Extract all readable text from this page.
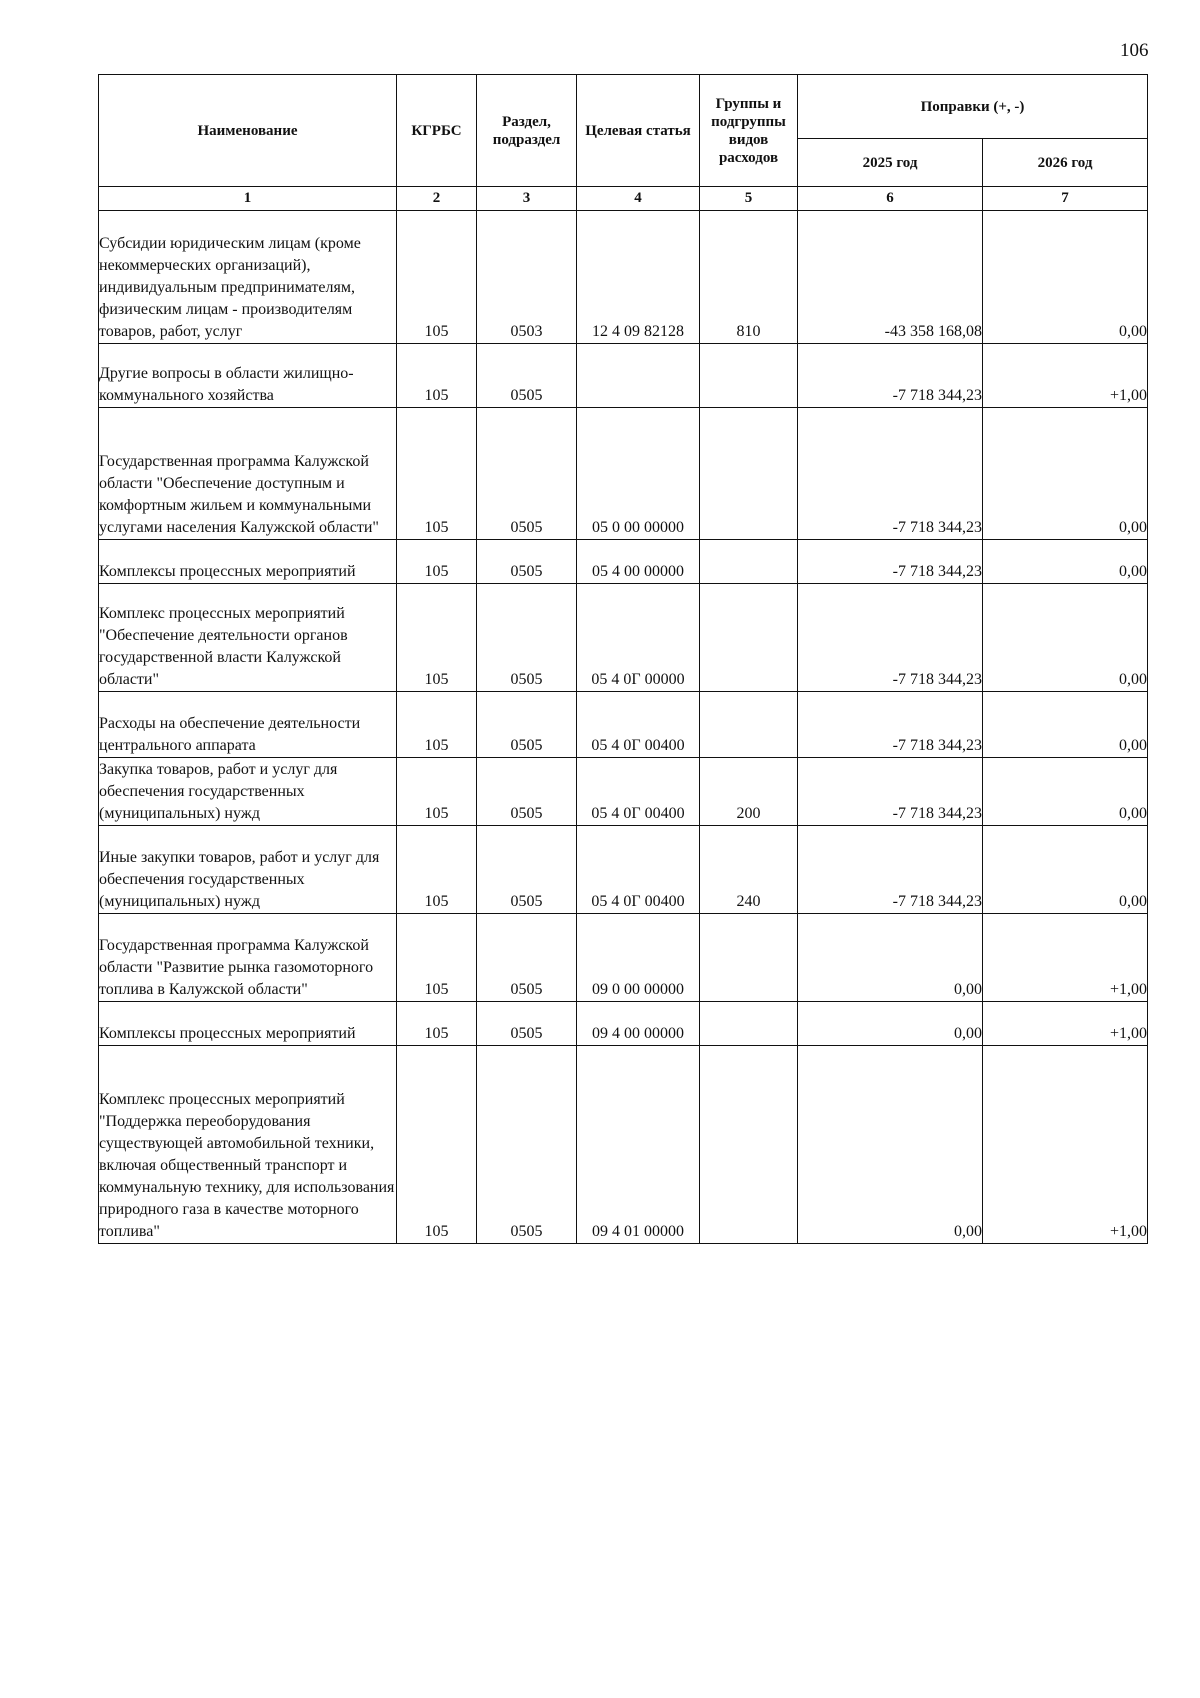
106
Наименование	КГРБС	Раздел, подраздел	Целевая статья	Группы и подгруппы видов расходов	Поправки (+, -)	
					2025 год	2026 год
1	2	3	4	5	6	7
Субсидии юридическим лицам (кроме некоммерческих организаций), индивидуальным предпринимателям, физическим лицам - производителям товаров, работ, услуг	105	0503	12 4 09 82128	810	-43 358 168,08	0,00
Другие вопросы в области жилищно-коммунального хозяйства	105	0505			-7 718 344,23	+1,00
Государственная программа Калужской области "Обеспечение доступным и комфортным жильем и коммунальными услугами населения Калужской области"	105	0505	05 0 00 00000		-7 718 344,23	0,00
Комплексы процессных мероприятий	105	0505	05 4 00 00000		-7 718 344,23	0,00
Комплекс процессных мероприятий "Обеспечение деятельности органов государственной власти Калужской области"	105	0505	05 4 0Г 00000		-7 718 344,23	0,00
Расходы на обеспечение деятельности центрального аппарата	105	0505	05 4 0Г 00400		-7 718 344,23	0,00
Закупка товаров, работ и услуг для обеспечения государственных (муниципальных) нужд	105	0505	05 4 0Г 00400	200	-7 718 344,23	0,00
Иные закупки товаров, работ и услуг для обеспечения государственных (муниципальных) нужд	105	0505	05 4 0Г 00400	240	-7 718 344,23	0,00
Государственная программа Калужской области "Развитие рынка газомоторного топлива в Калужской области"	105	0505	09 0 00 00000		0,00	+1,00
Комплексы процессных мероприятий	105	0505	09 4 00 00000		0,00	+1,00
Комплекс процессных мероприятий "Поддержка переоборудования существующей автомобильной техники, включая общественный транспорт и коммунальную технику, для использования природного газа в качестве моторного топлива"	105	0505	09 4 01 00000		0,00	+1,00
